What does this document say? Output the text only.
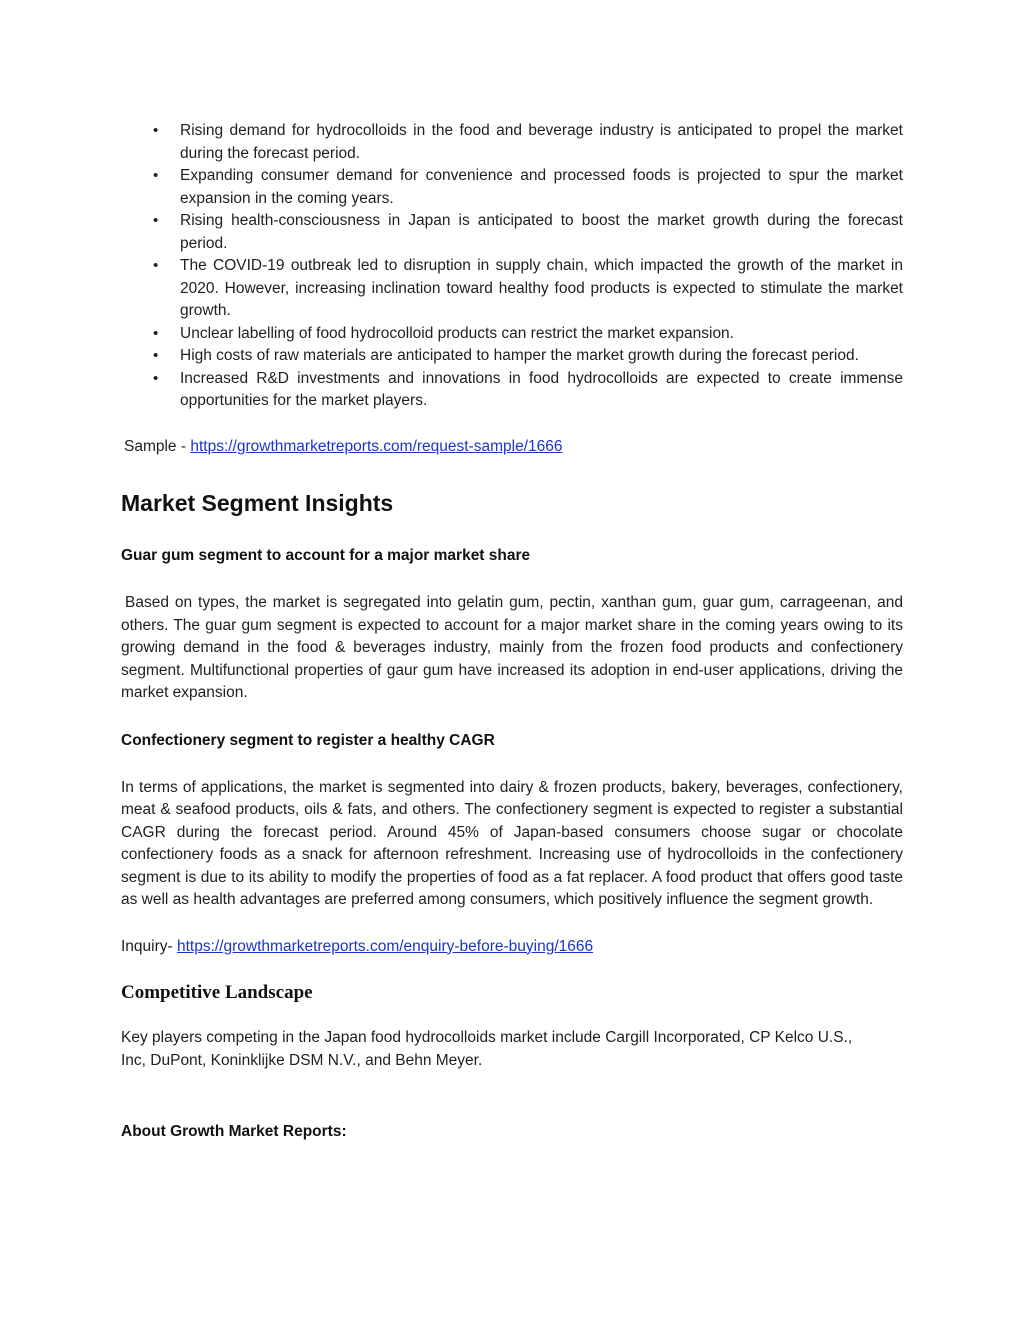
• Rising demand for hydrocolloids in the food and beverage industry is anticipated to propel the market during the forecast period.
• Expanding consumer demand for convenience and processed foods is projected to spur the market expansion in the coming years.
• Rising health-consciousness in Japan is anticipated to boost the market growth during the forecast period.
• The COVID-19 outbreak led to disruption in supply chain, which impacted the growth of the market in 2020. However, increasing inclination toward healthy food products is expected to stimulate the market growth.
• Unclear labelling of food hydrocolloid products can restrict the market expansion.
• High costs of raw materials are anticipated to hamper the market growth during the forecast period.
• Increased R&D investments and innovations in food hydrocolloids are expected to create immense opportunities for the market players.
Sample - https://growthmarketreports.com/request-sample/1666
Market Segment Insights
Guar gum segment to account for a major market share

Based on types, the market is segregated into gelatin gum, pectin, xanthan gum, guar gum, carrageenan, and others. The guar gum segment is expected to account for a major market share in the coming years owing to its growing demand in the food & beverages industry, mainly from the frozen food products and confectionery segment. Multifunctional properties of gaur gum have increased its adoption in end-user applications, driving the market expansion.

Confectionery segment to register a healthy CAGR

In terms of applications, the market is segmented into dairy & frozen products, bakery, beverages, confectionery, meat & seafood products, oils & fats, and others. The confectionery segment is expected to register a substantial CAGR during the forecast period. Around 45% of Japan-based consumers choose sugar or chocolate confectionery foods as a snack for afternoon refreshment. Increasing use of hydrocolloids in the confectionery segment is due to its ability to modify the properties of food as a fat replacer. A food product that offers good taste as well as health advantages are preferred among consumers, which positively influence the segment growth.

Inquiry- https://growthmarketreports.com/enquiry-before-buying/1666
Competitive Landscape

Key players competing in the Japan food hydrocolloids market include Cargill Incorporated, CP Kelco U.S., Inc, DuPont, Koninklijke DSM N.V., and Behn Meyer.

About Growth Market Reports:
